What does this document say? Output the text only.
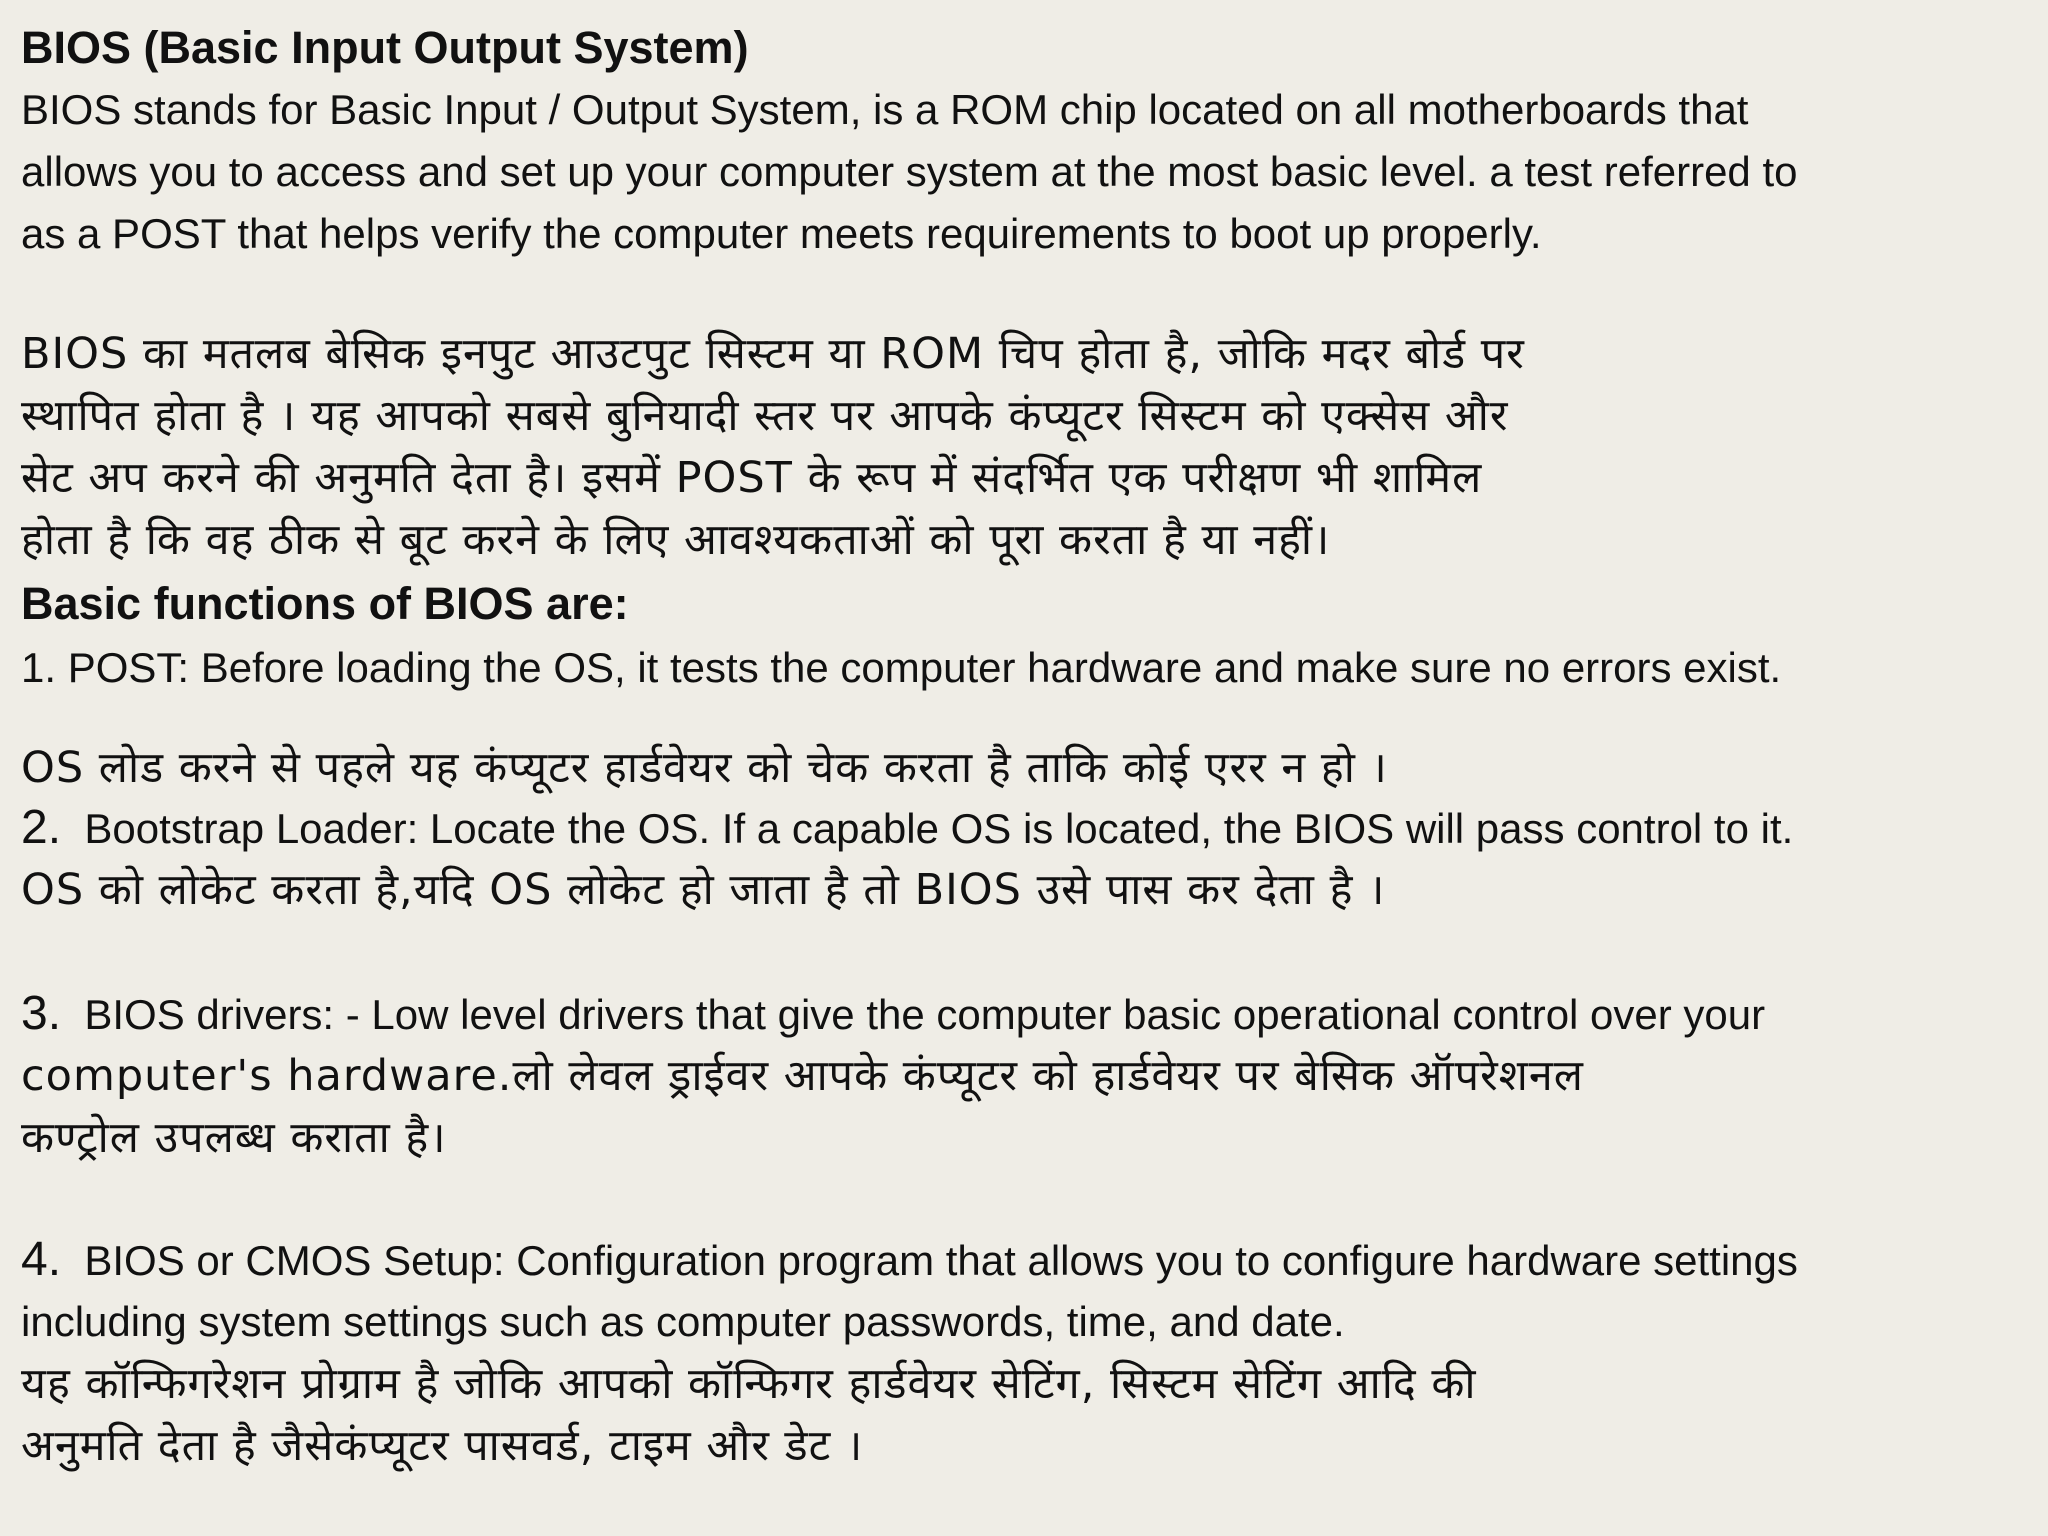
BIOS (Basic Input Output System)
BIOS stands for Basic Input / Output System, is a ROM chip located on all motherboards that
allows you to access and set up your computer system at the most basic level. a test referred to
as a POST that helps verify the computer meets requirements to boot up properly.
BIOS का मतलब बेसिक इनपुट आउटपुट सिस्टम या ROM चिप होता है, जोकि मदर बोर्ड पर
स्थापित होता है । यह आपको सबसे बुनियादी स्तर पर आपके कंप्यूटर सिस्टम को एक्सेस और
सेट अप करने की अनुमति देता है। इसमें POST के रूप में संदर्भित एक परीक्षण भी शामिल
होता है कि वह ठीक से बूट करने के लिए आवश्यकताओं को पूरा करता है या नहीं।
Basic functions of BIOS are:
1. POST: Before loading the OS, it tests the computer hardware and make sure no errors exist.
OS लोड करने से पहले यह कंप्यूटर हार्डवेयर को चेक करता है ताकि कोई एरर न हो ।
2. Bootstrap Loader: Locate the OS. If a capable OS is located, the BIOS will pass control to it.
OS को लोकेट करता है,यदि OS लोकेट हो जाता है तो BIOS उसे पास कर देता है ।
3. BIOS drivers: - Low level drivers that give the computer basic operational control over your
computer's hardware.लो लेवल ड्राईवर आपके कंप्यूटर को हार्डवेयर पर बेसिक ऑपरेशनल
कण्ट्रोल उपलब्ध कराता है।
4. BIOS or CMOS Setup: Configuration program that allows you to configure hardware settings
including system settings such as computer passwords, time, and date.
यह कॉन्फिगरेशन प्रोग्राम है जोकि आपको कॉन्फिगर हार्डवेयर सेटिंग, सिस्टम सेटिंग आदि की
अनुमति देता है जैसेकंप्यूटर पासवर्ड, टाइम और डेट ।
